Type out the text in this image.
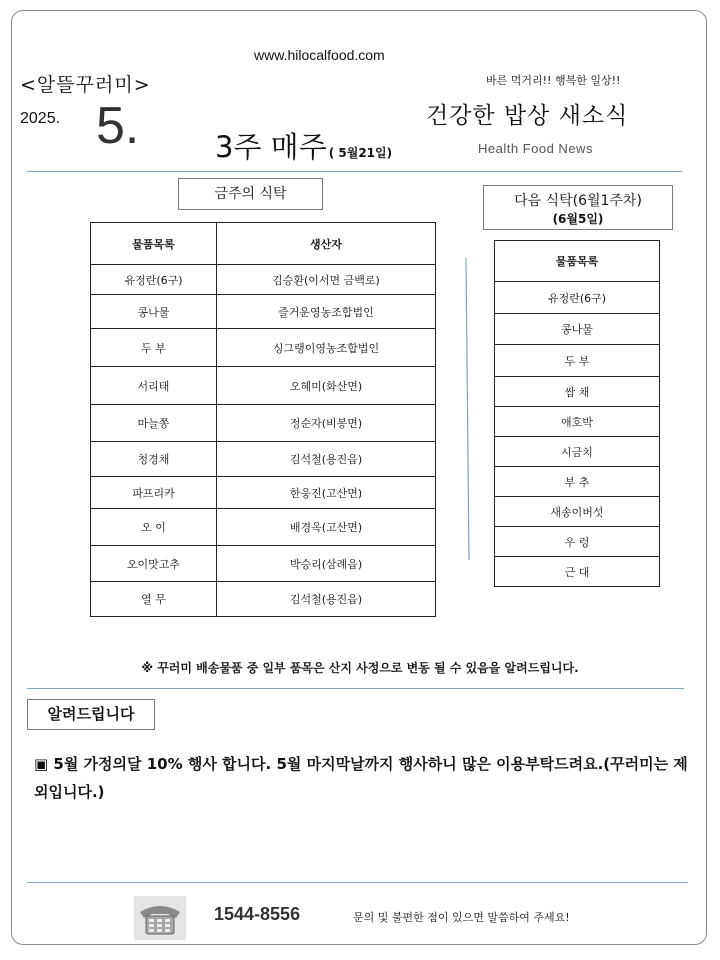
www.hilocalfood.com
<알뜰꾸러미>
2025. 5.	3주 매주 ( 5월21일)
바른 먹거리!! 행복한 일상!!
건강한 밥상 새소식
Health Food News
금주의 식탁	다음 식탁(6월1주차)
(6월5일)
물품목록	생산자
유정란(6구)	김승환(이서면 금백로)
콩나물	즐거운영농조합법인
두 부	싱그랭이영농조합법인
서리태	오혜미(화산면)
마늘쫑	정순자(비봉면)
청경채	김석철(용진읍)
파프리카	한웅진(고산면)
오 이	배경옥(고산면)
오이맛고추	박승리(삼례읍)
열 무	김석철(용진읍)
물품목록
유정란(6구)
콩나물
두 부
쌈 채
애호박
시금치
부 추
새송이버섯
우 렁
근 대
※ 꾸러미 배송물품 중 일부 품목은 산지 사정으로 변동 될 수 있음을 알려드립니다.
알려드립니다
▣ 5월 가정의달 10% 행사 합니다. 5월 마지막날까지 행사하니 많은 이용부탁드려요.(꾸러미는 제외입니다.)
1544-8556	문의 및 불편한 점이 있으면 말씀하여 주세요!
